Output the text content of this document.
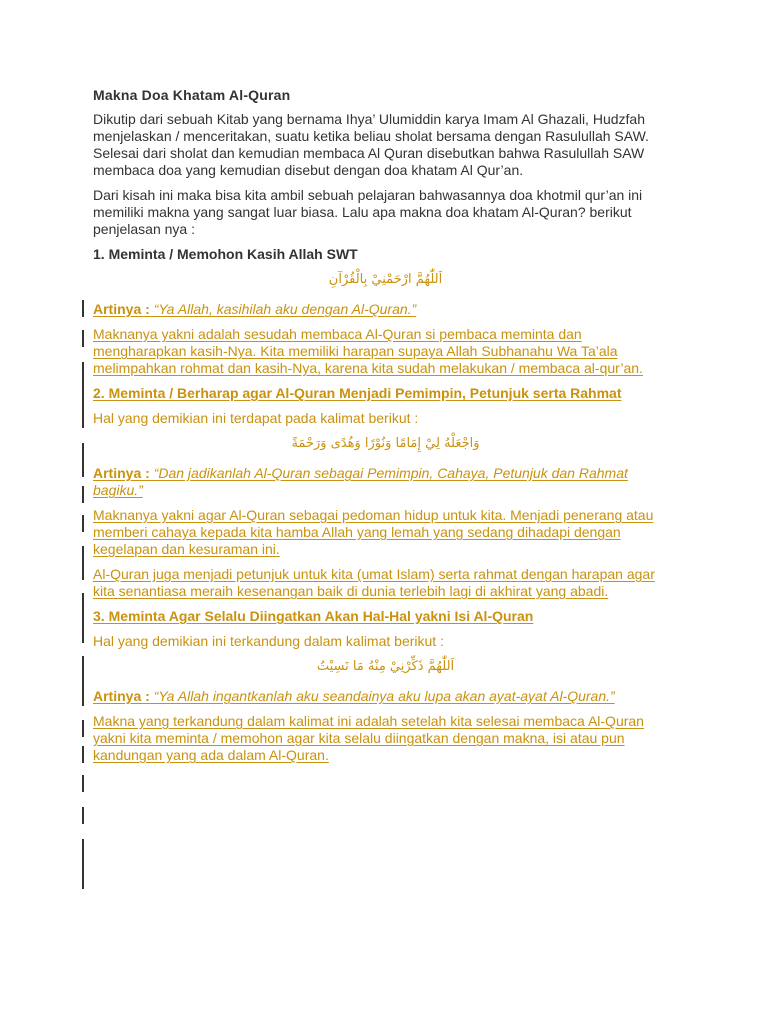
Makna Doa Khatam Al-Quran

Dikutip dari sebuah Kitab yang bernama Ihya’ Ulumiddin karya Imam Al Ghazali, Hudzfah menjelaskan / menceritakan, suatu ketika beliau sholat bersama dengan Rasulullah SAW. Selesai dari sholat dan kemudian membaca Al Quran disebutkan bahwa Rasulullah SAW membaca doa yang kemudian disebut dengan doa khatam Al Qur’an.

Dari kisah ini maka bisa kita ambil sebuah pelajaran bahwasannya doa khotmil qur’an ini memiliki makna yang sangat luar biasa. Lalu apa makna doa khatam Al-Quran? berikut penjelasan nya :

1. Meminta / Memohon Kasih Allah SWT
اَللّٰهُمَّ ارْحَمْنِيْ بِالْقُرْآنِ

Artinya : “Ya Allah, kasihilah aku dengan Al-Quran.”

Maknanya yakni adalah sesudah membaca Al-Quran si pembaca meminta dan mengharapkan kasih-Nya. Kita memiliki harapan supaya Allah Subhanahu Wa Ta’ala melimpahkan rohmat dan kasih-Nya, karena kita sudah melakukan / membaca al-qur’an.

2. Meminta / Berharap agar Al-Quran Menjadi Pemimpin, Petunjuk serta Rahmat

Hal yang demikian ini terdapat pada kalimat berikut :

وَاجْعَلْهُ لِيْ إِمَامًا وَنُوْرًا وَهُدًى وَرَحْمَةً

Artinya : “Dan jadikanlah Al-Quran sebagai Pemimpin, Cahaya, Petunjuk dan Rahmat bagiku.”

Maknanya yakni agar Al-Quran sebagai pedoman hidup untuk kita. Menjadi penerang atau memberi cahaya kepada kita hamba Allah yang lemah yang sedang dihadapi dengan kegelapan dan kesuraman ini.

Al-Quran juga menjadi petunjuk untuk kita (umat Islam) serta rahmat dengan harapan agar kita senantiasa meraih kesenangan baik di dunia terlebih lagi di akhirat yang abadi.

3. Meminta Agar Selalu Diingatkan Akan Hal-Hal yakni Isi Al-Quran

Hal yang demikian ini terkandung dalam kalimat berikut :

اَللّٰهُمَّ ذَكِّرْنِيْ مِنْهُ مَا نَسِيْتُ

Artinya : “Ya Allah ingantkanlah aku seandainya aku lupa akan ayat-ayat Al-Quran.”

Makna yang terkandung dalam kalimat ini adalah setelah kita selesai membaca Al-Quran yakni kita meminta / memohon agar kita selalu diingatkan dengan makna, isi atau pun kandungan yang ada dalam Al-Quran.
